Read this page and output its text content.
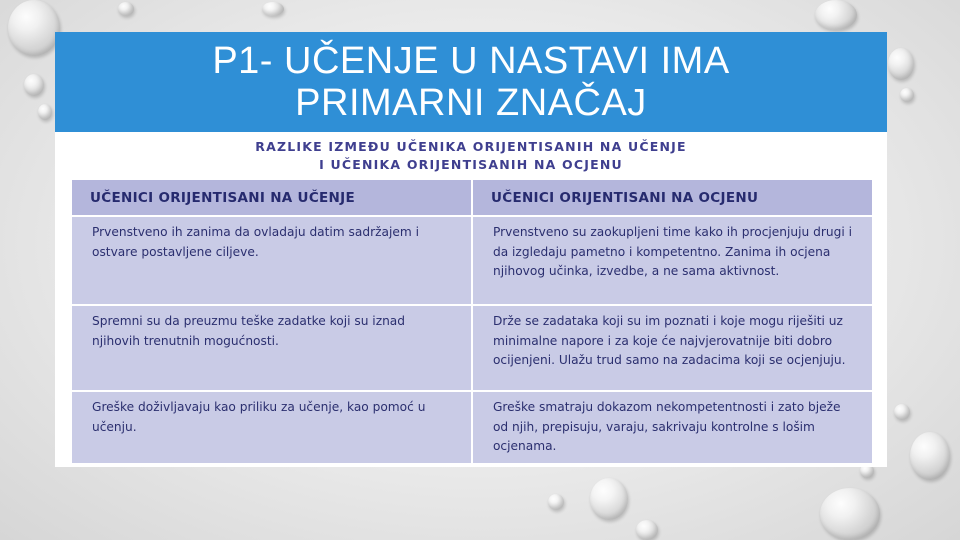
P1- UČENJE U NASTAVI IMA
PRIMARNI ZNAČAJ
RAZLIKE IZMEĐU UČENIKA ORIJENTISANIH NA UČENJE
I UČENIKA ORIJENTISANIH NA OCJENU
UČENICI ORIJENTISANI NA UČENJE	UČENICI ORIJENTISANI NA OCJENU
Prvenstveno ih zanima da ovladaju datim sadržajem i ostvare postavljene ciljeve.	Prvenstveno su zaokupljeni time kako ih procjenjuju drugi i da izgledaju pametno i kompetentno. Zanima ih ocjena njihovog učinka, izvedbe, a ne sama aktivnost.
Spremni su da preuzmu teške zadatke koji su iznad njihovih trenutnih mogućnosti.	Drže se zadataka koji su im poznati i koje mogu riješiti uz minimalne napore i za koje će najvjerovatnije biti dobro ocijenjeni. Ulažu trud samo na zadacima koji se ocjenjuju.
Greške doživljavaju kao priliku za učenje, kao pomoć u učenju.	Greške smatraju dokazom nekompetentnosti i zato bježe od njih, prepisuju, varaju, sakrivaju kontrolne s lošim ocjenama.
